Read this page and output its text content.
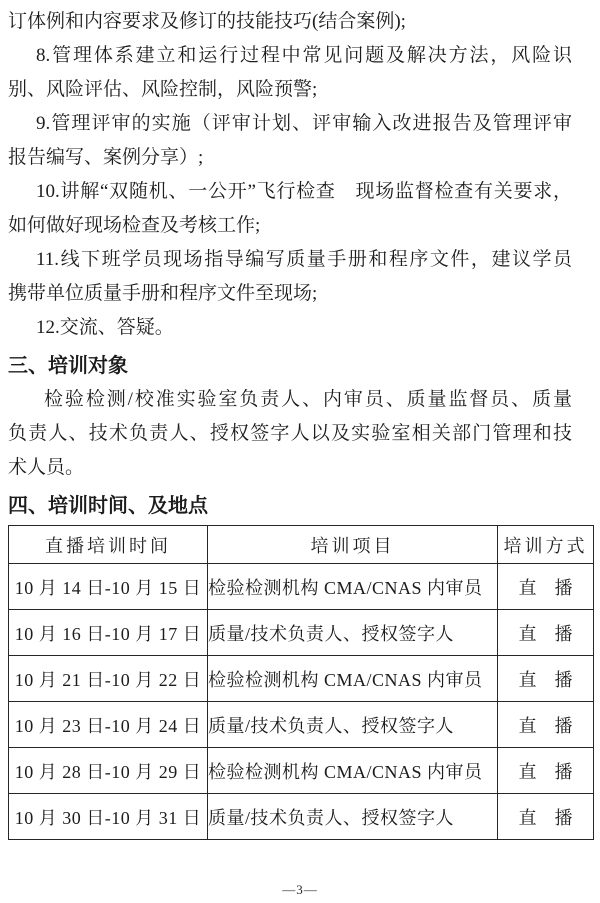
订体例和内容要求及修订的技能技巧(结合案例);
8.管理体系建立和运行过程中常见问题及解决方法，风险识
别、风险评估、风险控制，风险预警;
9.管理评审的实施（评审计划、评审输入改进报告及管理评审
报告编写、案例分享）;
10.讲解“双随机、一公开”飞行检查　现场监督检查有关要求，
如何做好现场检查及考核工作;
11.线下班学员现场指导编写质量手册和程序文件，建议学员
携带单位质量手册和程序文件至现场;
12.交流、答疑。
三、培训对象
检验检测/校准实验室负责人、内审员、质量监督员、质量
负责人、技术负责人、授权签字人以及实验室相关部门管理和技
术人员。
四、培训时间、及地点
直播培训时间	培训项目	培训方式
10 月 14 日-10 月 15 日	检验检测机构 CMA/CNAS 内审员	直　播
10 月 16 日-10 月 17 日	质量/技术负责人、授权签字人	直　播
10 月 21 日-10 月 22 日	检验检测机构 CMA/CNAS 内审员	直　播
10 月 23 日-10 月 24 日	质量/技术负责人、授权签字人	直　播
10 月 28 日-10 月 29 日	检验检测机构 CMA/CNAS 内审员	直　播
10 月 30 日-10 月 31 日	质量/技术负责人、授权签字人	直　播
—3—
